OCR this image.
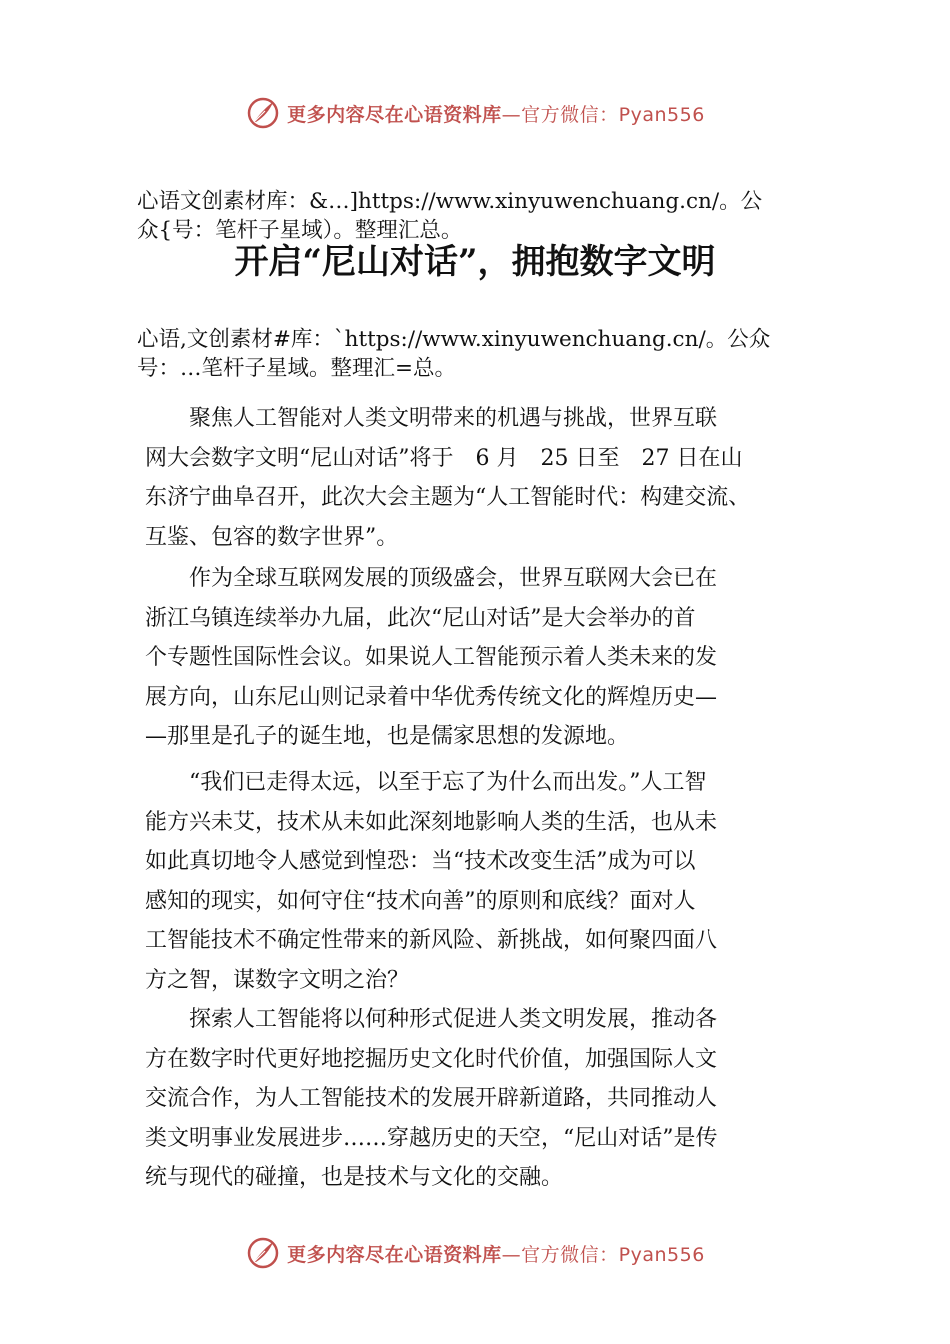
更多内容尽在心语资料库—官方微信：Pyan556
心语文创素材库：&…]https://www.xinyuwenchuang.cn/。公
众{号：笔杆子星域）。整理汇总。
开启“尼山对话”，拥抱数字文明
心语,文创素材#库：`https://www.xinyuwenchuang.cn/。公众
号：…笔杆子星域。整理汇=总。
　　聚焦人工智能对人类文明带来的机遇与挑战，世界互联
网大会数字文明“尼山对话”将于　6 月　25 日至　27 日在山
东济宁曲阜召开，此次大会主题为“人工智能时代：构建交流、
互鉴、包容的数字世界”。
　　作为全球互联网发展的顶级盛会，世界互联网大会已在
浙江乌镇连续举办九届，此次“尼山对话”是大会举办的首
个专题性国际性会议。如果说人工智能预示着人类未来的发
展方向，山东尼山则记录着中华优秀传统文化的辉煌历史—
—那里是孔子的诞生地，也是儒家思想的发源地。
　　“我们已走得太远，以至于忘了为什么而出发。”人工智
能方兴未艾，技术从未如此深刻地影响人类的生活，也从未
如此真切地令人感觉到惶恐：当“技术改变生活”成为可以
感知的现实，如何守住“技术向善”的原则和底线？面对人
工智能技术不确定性带来的新风险、新挑战，如何聚四面八
方之智，谋数字文明之治？
　　探索人工智能将以何种形式促进人类文明发展，推动各
方在数字时代更好地挖掘历史文化时代价值，加强国际人文
交流合作，为人工智能技术的发展开辟新道路，共同推动人
类文明事业发展进步……穿越历史的天空，“尼山对话”是传
统与现代的碰撞，也是技术与文化的交融。
更多内容尽在心语资料库—官方微信：Pyan556
